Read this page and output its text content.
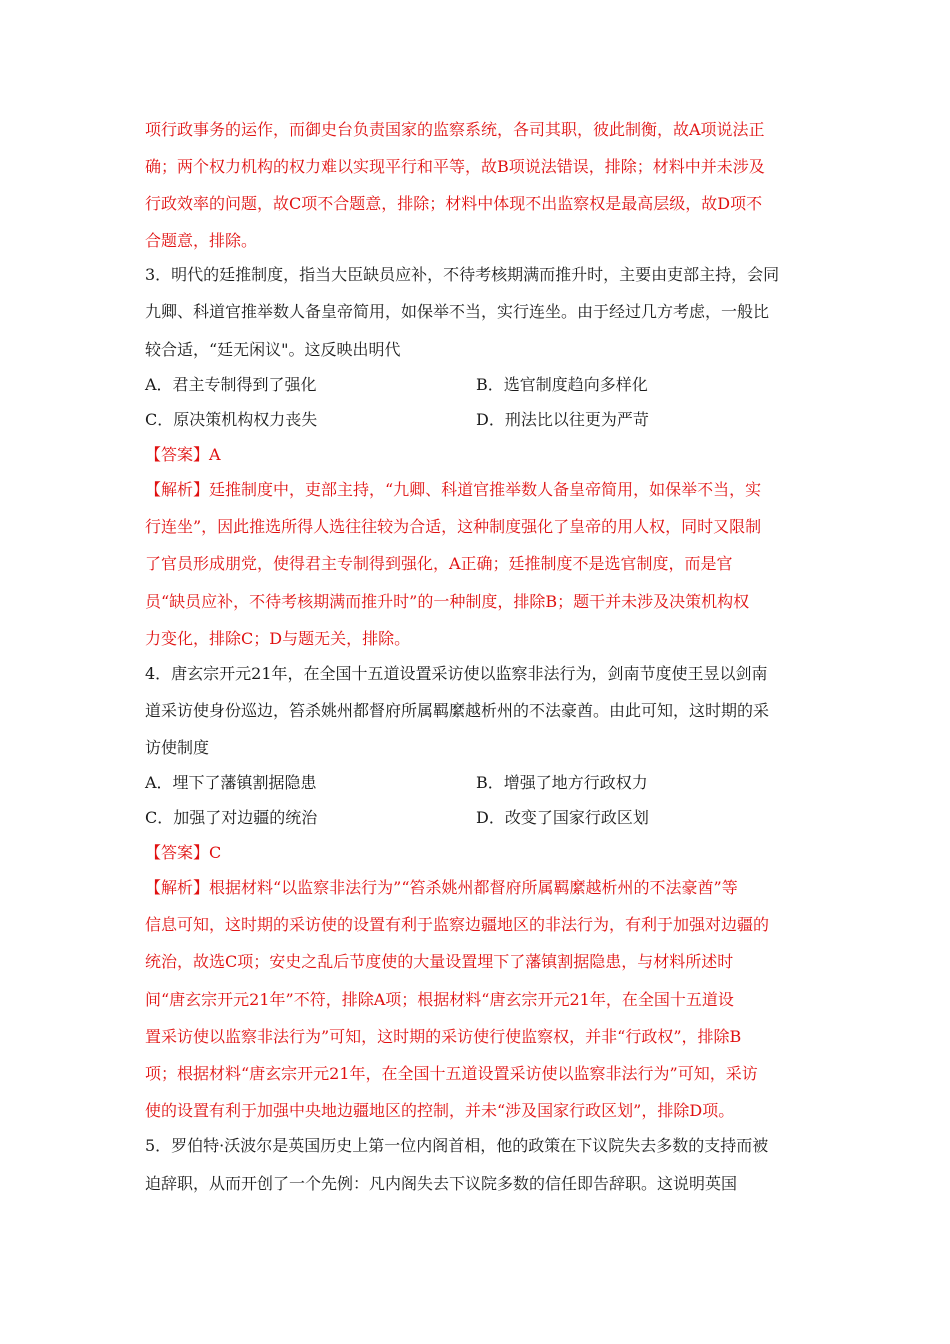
项行政事务的运作，而御史台负责国家的监察系统，各司其职，彼此制衡，故A项说法正
确；两个权力机构的权力难以实现平行和平等，故B项说法错误，排除；材料中并未涉及
行政效率的问题，故C项不合题意，排除；材料中体现不出监察权是最高层级，故D项不
合题意，排除。
3．明代的廷推制度，指当大臣缺员应补，不待考核期满而推升时，主要由吏部主持，会同
九卿、科道官推举数人备皇帝简用，如保举不当，实行连坐。由于经过几方考虑，一般比
较合适，“廷无闲议"。这反映出明代
A．君主专制得到了强化	B．选官制度趋向多样化
C．原决策机构权力丧失	D．刑法比以往更为严苛
【答案】A
【解析】廷推制度中，吏部主持，“九卿、科道官推举数人备皇帝简用，如保举不当，实
行连坐”，因此推选所得人选往往较为合适，这种制度强化了皇帝的用人权，同时又限制
了官员形成朋党，使得君主专制得到强化，A正确；廷推制度不是选官制度，而是官
员“缺员应补，不待考核期满而推升时”的一种制度，排除B；题干并未涉及决策机构权
力变化，排除C；D与题无关，排除。
4．唐玄宗开元21年，在全国十五道设置采访使以监察非法行为，剑南节度使王昱以剑南
道采访使身份巡边，笞杀姚州都督府所属羁縻越析州的不法豪酋。由此可知，这时期的采
访使制度
A．埋下了藩镇割据隐患	B．增强了地方行政权力
C．加强了对边疆的统治	D．改变了国家行政区划
【答案】C
【解析】根据材料“以监察非法行为”“笞杀姚州都督府所属羁縻越析州的不法豪酋”等
信息可知，这时期的采访使的设置有利于监察边疆地区的非法行为，有利于加强对边疆的
统治，故选C项；安史之乱后节度使的大量设置埋下了藩镇割据隐患，与材料所述时
间“唐玄宗开元21年”不符，排除A项；根据材料“唐玄宗开元21年，在全国十五道设
置采访使以监察非法行为”可知，这时期的采访使行使监察权，并非“行政权”，排除B
项；根据材料“唐玄宗开元21年，在全国十五道设置采访使以监察非法行为”可知，采访
使的设置有利于加强中央地边疆地区的控制，并未“涉及国家行政区划”，排除D项。
5．罗伯特·沃波尔是英国历史上第一位内阁首相，他的政策在下议院失去多数的支持而被
迫辞职，从而开创了一个先例：凡内阁失去下议院多数的信任即告辞职。这说明英国
